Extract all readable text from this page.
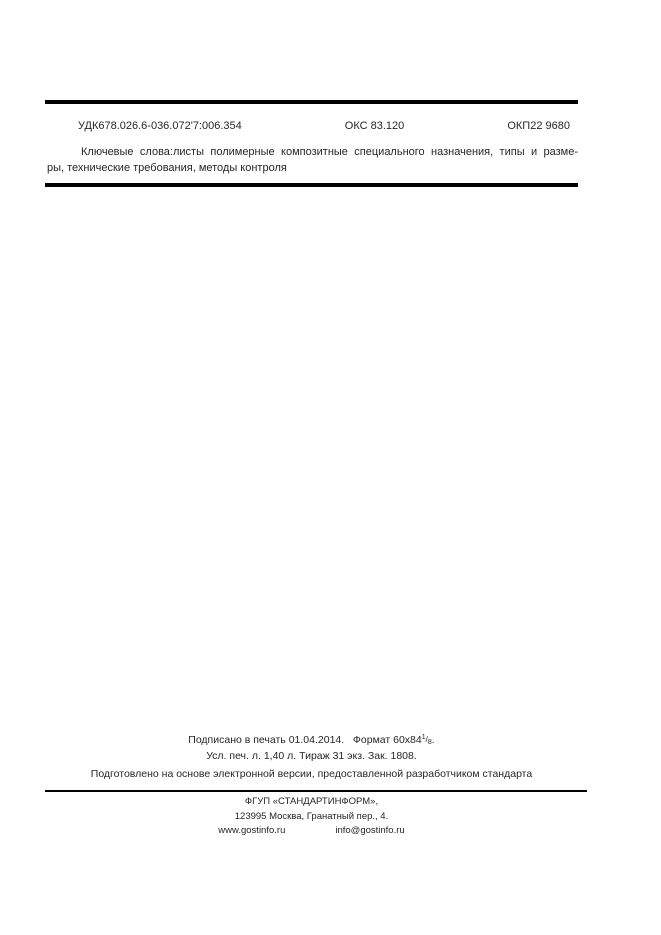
УДК678.026.6-036.072'7:006.354	ОКС 83.120	ОКП22 9680
Ключевые слова:листы полимерные композитные специального назначения, типы и разме-
ры, технические требования, методы контроля
Подписано в печать 01.04.2014.   Формат $60х84^1/8$.
Усл. печ. л. 1,40 л. Тираж 31 экз. Зак. 1808.
Подготовлено на основе электронной версии, предоставленной разработчиком стандарта
ФГУП «СТАНДАРТИНФОРМ»,
123995 Москва, Гранатный пер., 4.
www.gostinfo.ru	info@gostinfo.ru
